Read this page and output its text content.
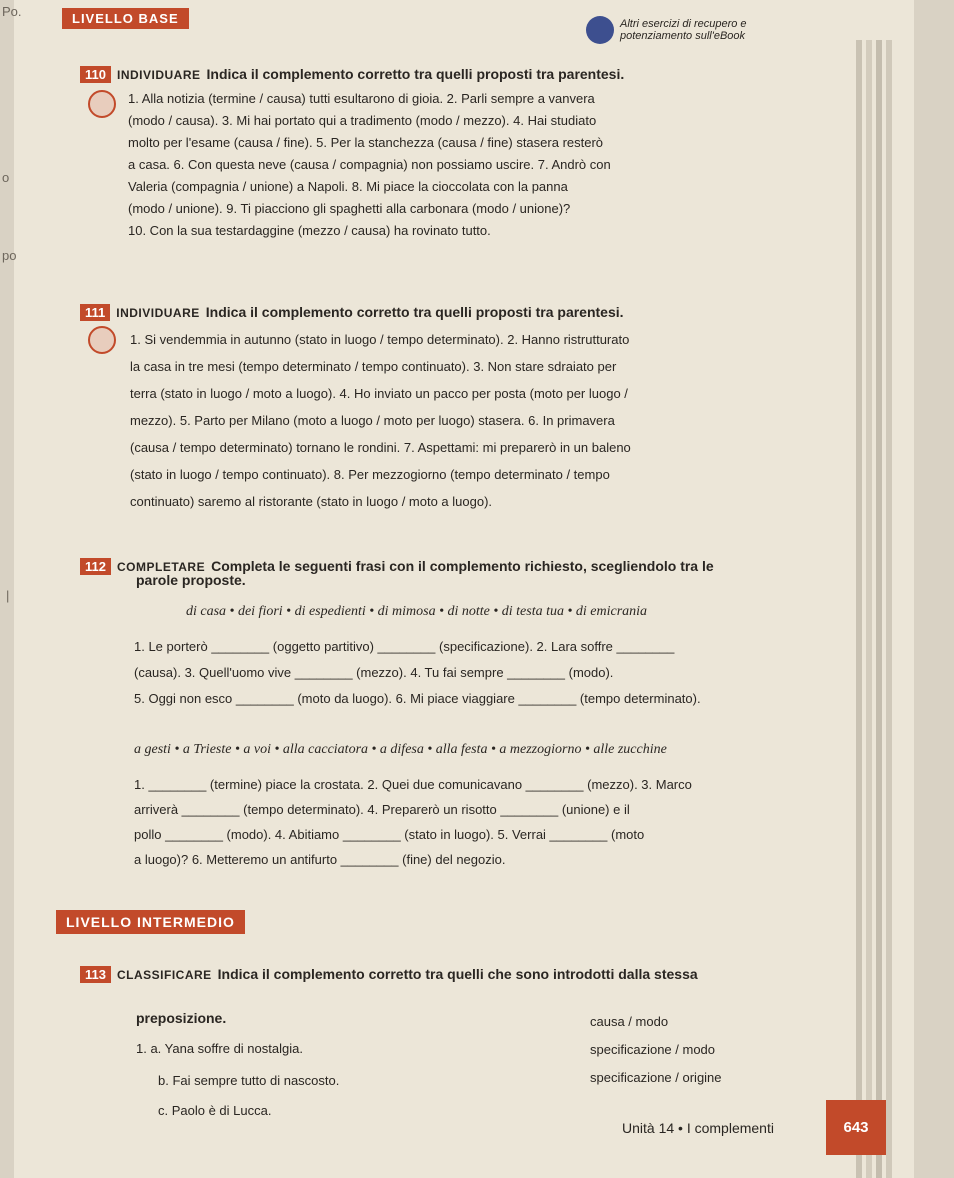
Po.
o
po
|
LIVELLO BASE	Altri esercizi di recupero e
potenziamento sull'eBook
110 INDIVIDUARE Indica il complemento corretto tra quelli proposti tra parentesi.

1. Alla notizia (termine / causa) tutti esultarono di gioia. 2. Parli sempre a vanvera

(modo / causa). 3. Mi hai portato qui a tradimento (modo / mezzo). 4. Hai studiato

molto per l'esame (causa / fine). 5. Per la stanchezza (causa / fine) stasera resterò

a casa. 6. Con questa neve (causa / compagnia) non possiamo uscire. 7. Andrò con

Valeria (compagnia / unione) a Napoli. 8. Mi piace la cioccolata con la panna

(modo / unione). 9. Ti piacciono gli spaghetti alla carbonara (modo / unione)?

10. Con la sua testardaggine (mezzo / causa) ha rovinato tutto.

111 INDIVIDUARE Indica il complemento corretto tra quelli proposti tra parentesi.

1. Si vendemmia in autunno (stato in luogo / tempo determinato). 2. Hanno ristrutturato

la casa in tre mesi (tempo determinato / tempo continuato). 3. Non stare sdraiato per

terra (stato in luogo / moto a luogo). 4. Ho inviato un pacco per posta (moto per luogo /

mezzo). 5. Parto per Milano (moto a luogo / moto per luogo) stasera. 6. In primavera

(causa / tempo determinato) tornano le rondini. 7. Aspettami: mi preparerò in un baleno

(stato in luogo / tempo continuato). 8. Per mezzogiorno (tempo determinato / tempo

continuato) saremo al ristorante (stato in luogo / moto a luogo).

112 COMPLETARE Completa le seguenti frasi con il complemento richiesto, scegliendolo tra le
parole proposte.
di casa • dei fiori • di espedienti • di mimosa • di notte • di testa tua • di emicrania

1. Le porterò ________ (oggetto partitivo) ________ (specificazione). 2. Lara soffre ________

(causa). 3. Quell'uomo vive ________ (mezzo). 4. Tu fai sempre ________ (modo).

5. Oggi non esco ________ (moto da luogo). 6. Mi piace viaggiare ________ (tempo determinato).

a gesti • a Trieste • a voi • alla cacciatora • a difesa • alla festa • a mezzogiorno • alle zucchine

1. ________ (termine) piace la crostata. 2. Quei due comunicavano ________ (mezzo). 3. Marco

arriverà ________ (tempo determinato). 4. Preparerò un risotto ________ (unione) e il

pollo ________ (modo). 4. Abitiamo ________ (stato in luogo). 5. Verrai ________ (moto

a luogo)? 6. Metteremo un antifurto ________ (fine) del negozio.

LIVELLO INTERMEDIO
113 CLASSIFICARE Indica il complemento corretto tra quelli che sono introdotti dalla stessa
preposizione.
1. a. Yana soffre di nostalgia.
causa / modo
b. Fai sempre tutto di nascosto.
specificazione / modo
c. Paolo è di Lucca.
specificazione / origine
Unità 14 • I complementi	643
